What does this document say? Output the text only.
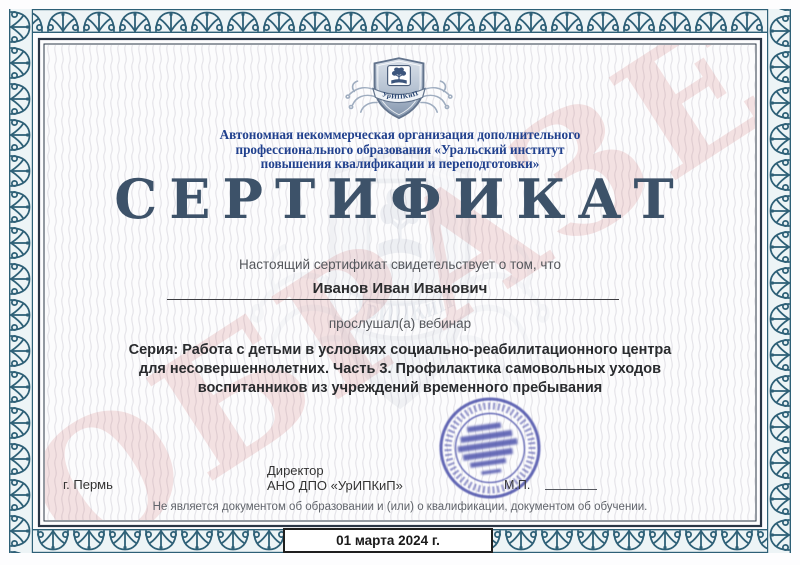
Автономная некоммерческая организация дополнительного
профессионального образования «Уральский институт
повышения квалификации и переподготовки»
СЕРТИФИКАТ
Настоящий сертификат свидетельствует о том, что
Иванов Иван Иванович
прослушал(а) вебинар
Серия: Работа с детьми в условиях социально-реабилитационного центра для несовершеннолетних. Часть 3. Профилактика самовольных уходов воспитанников из учреждений временного пребывания
Директор
АНО ДПО «УрИПКиП»
г. Пермь	М.П.
Не является документом об образовании и (или) о квалификации, документом об обучении.
01 марта 2024 г.
